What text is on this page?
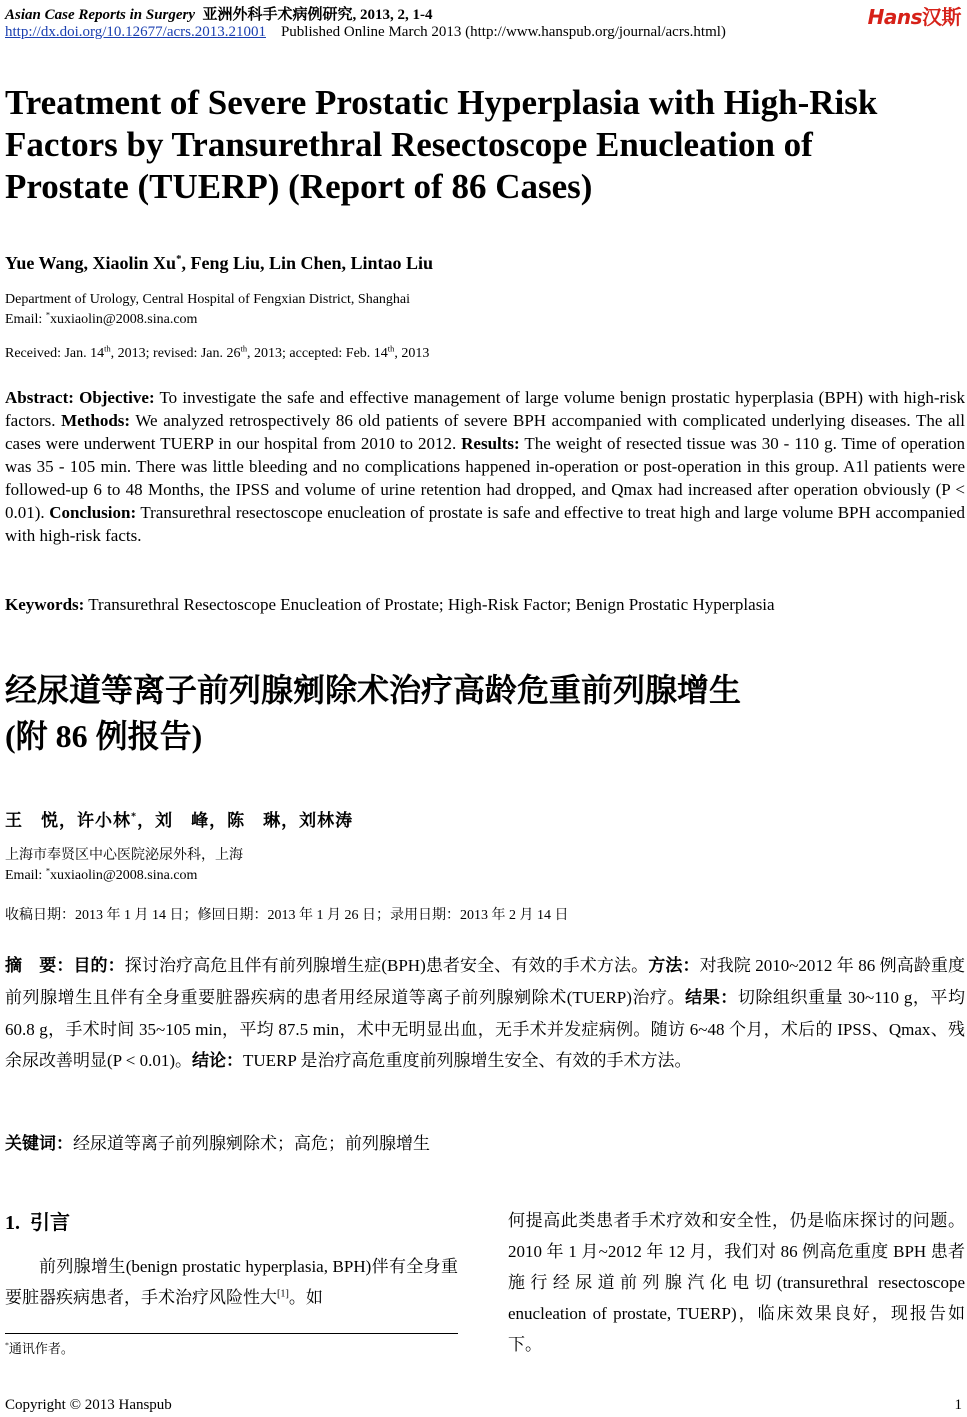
Asian Case Reports in Surgery 亚洲外科手术病例研究, 2013, 2, 1-4
http://dx.doi.org/10.12677/acrs.2013.21001 Published Online March 2013 (http://www.hanspub.org/journal/acrs.html)
Hans汉斯
Treatment of Severe Prostatic Hyperplasia with High-Risk Factors by Transurethral Resectoscope Enucleation of Prostate (TUERP) (Report of 86 Cases)
Yue Wang, Xiaolin Xu*, Feng Liu, Lin Chen, Lintao Liu
Department of Urology, Central Hospital of Fengxian District, Shanghai
Email: *xuxiaolin@2008.sina.com
Received: Jan. 14th, 2013; revised: Jan. 26th, 2013; accepted: Feb. 14th, 2013
Abstract: Objective: To investigate the safe and effective management of large volume benign prostatic hyperplasia (BPH) with high-risk factors. Methods: We analyzed retrospectively 86 old patients of severe BPH accompanied with complicated underlying diseases. The all cases were underwent TUERP in our hospital from 2010 to 2012. Results: The weight of resected tissue was 30 - 110 g. Time of operation was 35 - 105 min. There was little bleeding and no complications happened in-operation or post-operation in this group. A1l patients were followed-up 6 to 48 Months, the IPSS and volume of urine retention had dropped, and Qmax had increased after operation obviously (P < 0.01). Conclusion: Transurethral resectoscope enucleation of prostate is safe and effective to treat high and large volume BPH accompanied with high-risk facts.
Keywords: Transurethral Resectoscope Enucleation of Prostate; High-Risk Factor; Benign Prostatic Hyperplasia
经尿道等离子前列腺剜除术治疗高龄危重前列腺增生
(附 86 例报告)
王　悦，许小林*，刘　峰，陈　琳，刘林涛
上海市奉贤区中心医院泌尿外科，上海
Email: *xuxiaolin@2008.sina.com
收稿日期：2013 年 1 月 14 日；修回日期：2013 年 1 月 26 日；录用日期：2013 年 2 月 14 日
摘　要：目的：探讨治疗高危且伴有前列腺增生症(BPH)患者安全、有效的手术方法。方法：对我院 2010~2012 年 86 例高龄重度前列腺增生且伴有全身重要脏器疾病的患者用经尿道等离子前列腺剜除术(TUERP)治疗。结果：切除组织重量 30~110 g，平均 60.8 g，手术时间 35~105 min，平均 87.5 min，术中无明显出血，无手术并发症病例。随访 6~48 个月，术后的 IPSS、Qmax、残余尿改善明显(P < 0.01)。结论：TUERP 是治疗高危重度前列腺增生安全、有效的手术方法。
关键词：经尿道等离子前列腺剜除术；高危；前列腺增生
1. 引言
前列腺增生(benign prostatic hyperplasia, BPH)伴有全身重要脏器疾病患者，手术治疗风险性大[1]。如
何提高此类患者手术疗效和安全性，仍是临床探讨的问题。2010 年 1 月~2012 年 12 月，我们对 86 例高危重度 BPH 患者施行经尿道前列腺汽化电切(transurethral resectoscope enucleation of prostate, TUERP)，临床效果良好，现报告如下。
*通讯作者。
Copyright © 2013 Hanspub	1
